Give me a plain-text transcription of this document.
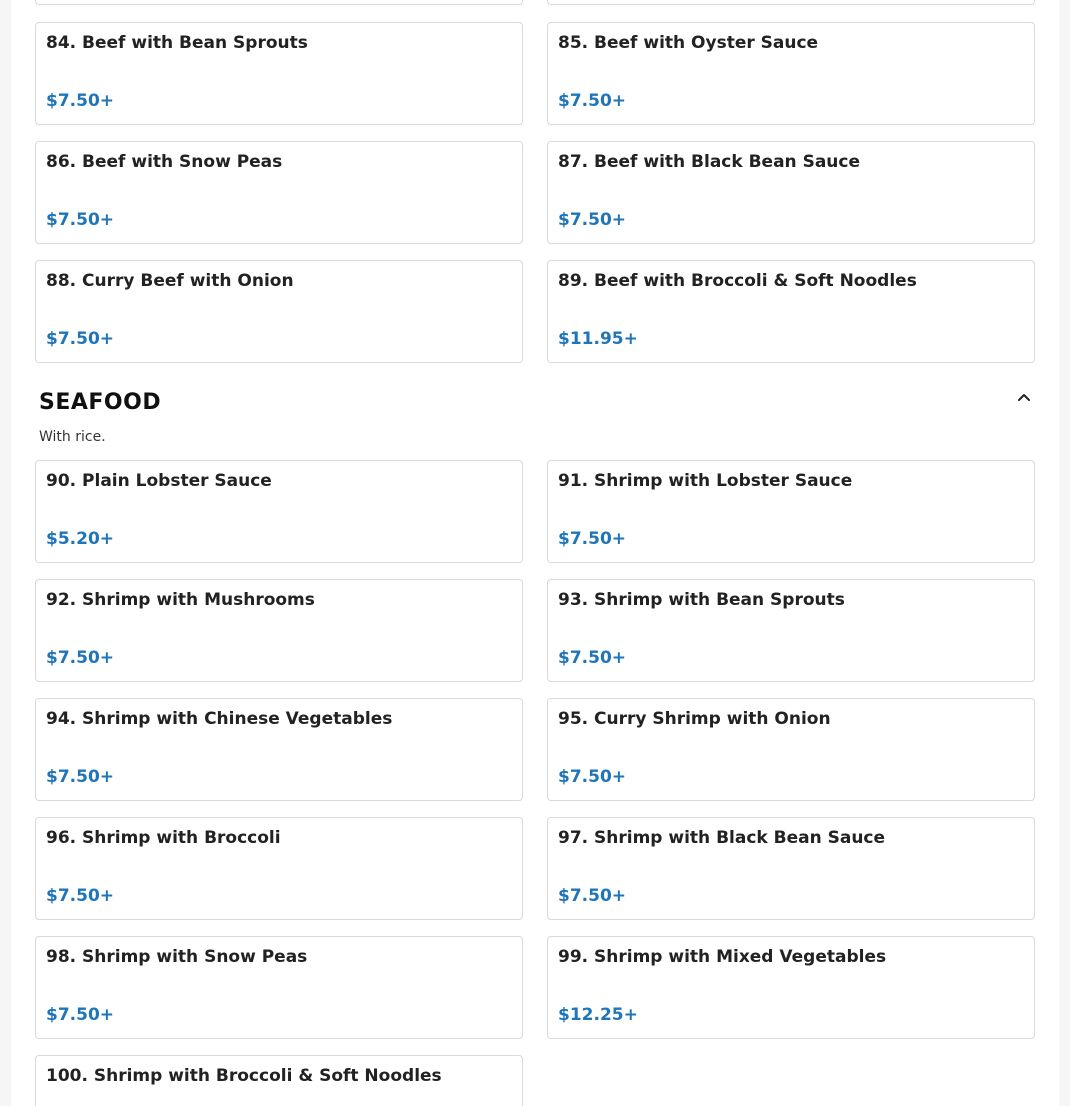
84. Beef with Bean Sprouts
$7.50+
85. Beef with Oyster Sauce
$7.50+
86. Beef with Snow Peas
$7.50+
87. Beef with Black Bean Sauce
$7.50+
88. Curry Beef with Onion
$7.50+
89. Beef with Broccoli & Soft Noodles
$11.95+
SEAFOOD
With rice.
90. Plain Lobster Sauce
$5.20+
91. Shrimp with Lobster Sauce
$7.50+
92. Shrimp with Mushrooms
$7.50+
93. Shrimp with Bean Sprouts
$7.50+
94. Shrimp with Chinese Vegetables
$7.50+
95. Curry Shrimp with Onion
$7.50+
96. Shrimp with Broccoli
$7.50+
97. Shrimp with Black Bean Sauce
$7.50+
98. Shrimp with Snow Peas
$7.50+
99. Shrimp with Mixed Vegetables
$12.25+
100. Shrimp with Broccoli & Soft Noodles
